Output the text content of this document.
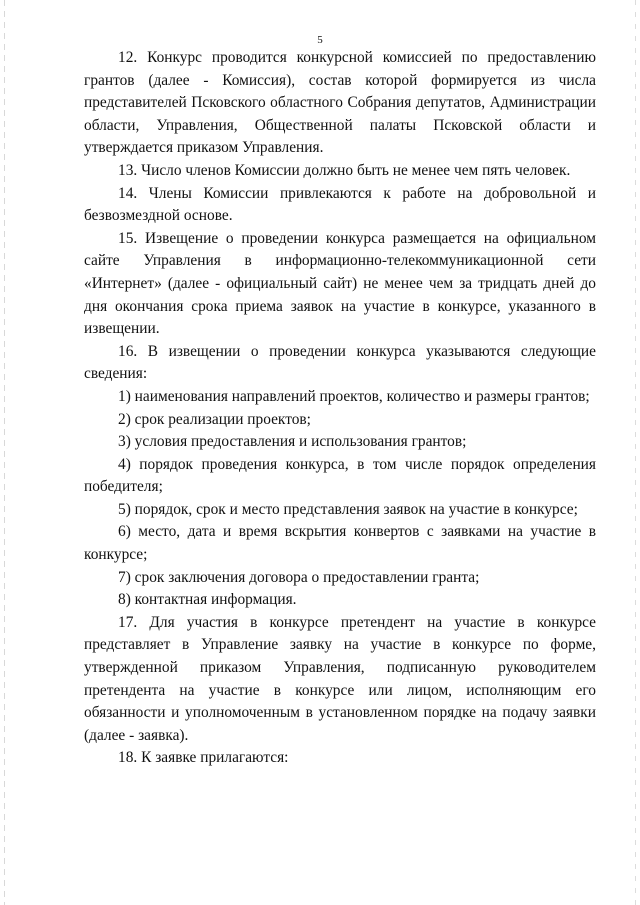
5

12. Конкурс проводится конкурсной комиссией по предоставлению грантов (далее - Комиссия), состав которой формируется из числа представителей Псковского областного Собрания депутатов, Администрации области, Управления, Общественной палаты Псковской области и утверждается приказом Управления.

13. Число членов Комиссии должно быть не менее чем пять человек.

14. Члены Комиссии привлекаются к работе на добровольной и безвозмездной основе.

15. Извещение о проведении конкурса размещается на официальном сайте Управления в информационно-телекоммуникационной сети «Интернет» (далее - официальный сайт) не менее чем за тридцать дней до дня окончания срока приема заявок на участие в конкурсе, указанного в извещении.

16. В извещении о проведении конкурса указываются следующие сведения:

1) наименования направлений проектов, количество и размеры грантов;

2) срок реализации проектов;

3) условия предоставления и использования грантов;

4) порядок проведения конкурса, в том числе порядок определения победителя;

5) порядок, срок и место представления заявок на участие в конкурсе;

6) место, дата и время вскрытия конвертов с заявками на участие в конкурсе;

7) срок заключения договора о предоставлении гранта;

8) контактная информация.

17. Для участия в конкурсе претендент на участие в конкурсе представляет в Управление заявку на участие в конкурсе по форме, утвержденной приказом Управления, подписанную руководителем претендента на участие в конкурсе или лицом, исполняющим его обязанности и уполномоченным в установленном порядке на подачу заявки (далее - заявка).

18. К заявке прилагаются:
